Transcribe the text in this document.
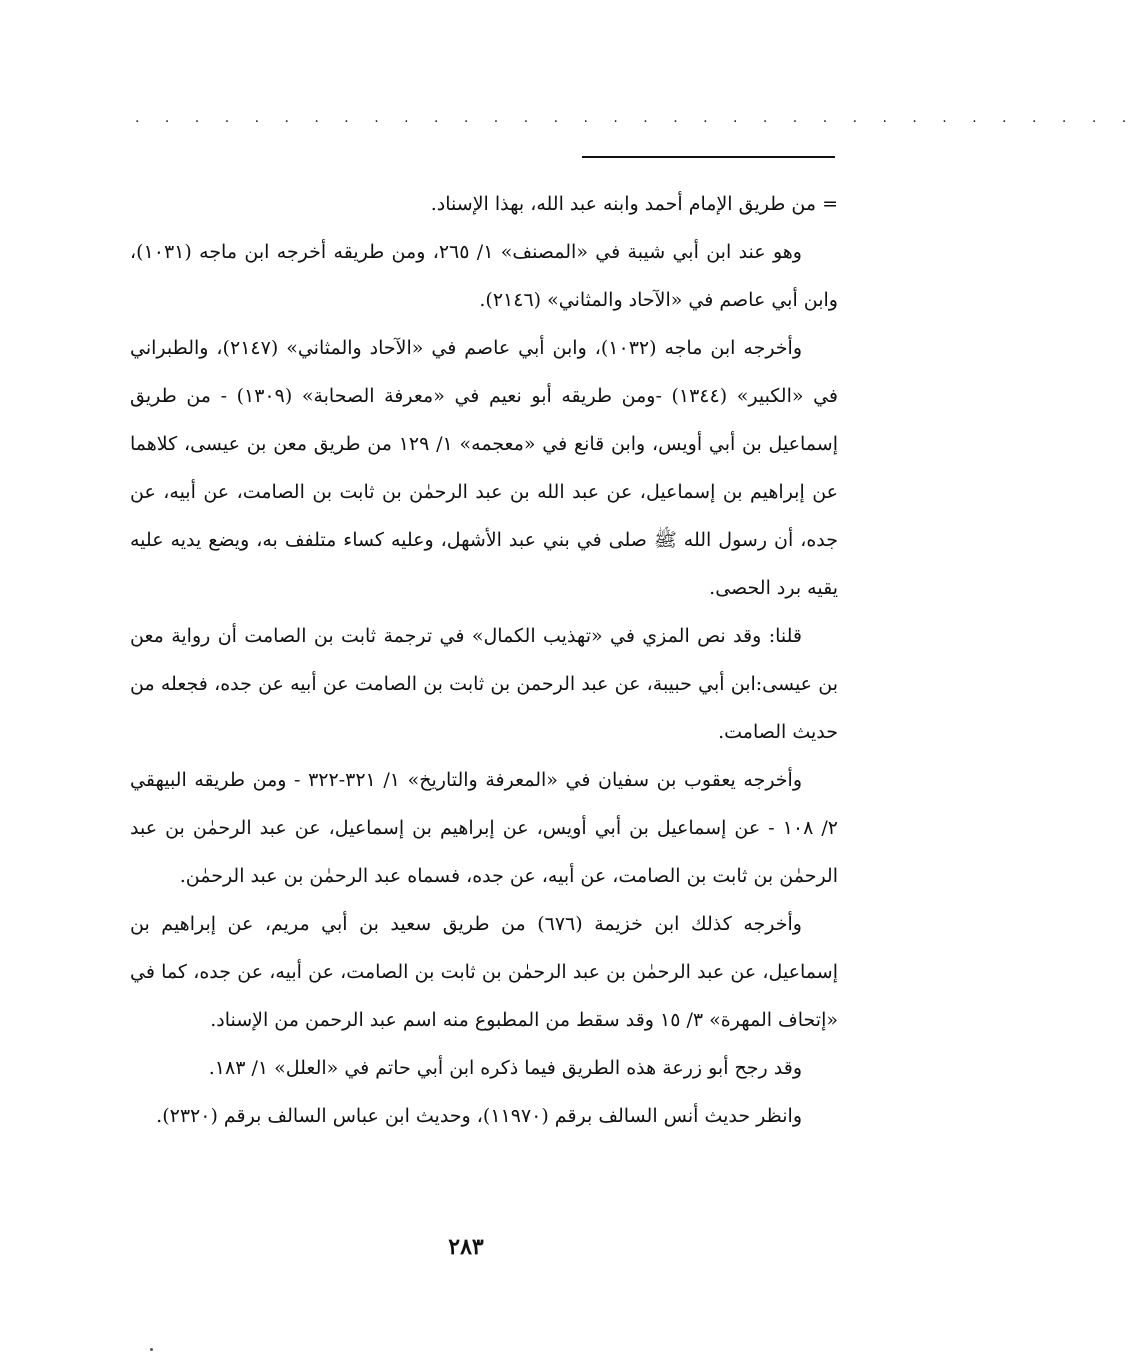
. . . . . . . . . . . . . . . . . . . . . . . . . . . . . . . . . .

= من طريق الإمام أحمد وابنه عبد الله، بهذا الإسناد.

وهو عند ابن أبي شيبة في «المصنف» ١/ ٢٦٥، ومن طريقه أخرجه ابن ماجه (١٠٣١)، وابن أبي عاصم في «الآحاد والمثاني» (٢١٤٦).

وأخرجه ابن ماجه (١٠٣٢)، وابن أبي عاصم في «الآحاد والمثاني» (٢١٤٧)، والطبراني في «الكبير» (١٣٤٤) -ومن طريقه أبو نعيم في «معرفة الصحابة» (١٣٠٩) - من طريق إسماعيل بن أبي أويس، وابن قانع في «معجمه» ١/ ١٢٩ من طريق معن بن عيسى، كلاهما عن إبراهيم بن إسماعيل، عن عبد الله بن عبد الرحمٰن بن ثابت بن الصامت، عن أبيه، عن جده، أن رسول الله ﷺ صلى في بني عبد الأشهل، وعليه كساء متلفف به، ويضع يديه عليه يقيه برد الحصى.

قلنا: وقد نص المزي في «تهذيب الكمال» في ترجمة ثابت بن الصامت أن رواية معن بن عيسى:ابن أبي حبيبة، عن عبد الرحمن بن ثابت بن الصامت عن أبيه عن جده، فجعله من حديث الصامت.

وأخرجه يعقوب بن سفيان في «المعرفة والتاريخ» ١/ ٣٢١-٣٢٢ - ومن طريقه البيهقي ٢/ ١٠٨ - عن إسماعيل بن أبي أويس، عن إبراهيم بن إسماعيل، عن عبد الرحمٰن بن عبد الرحمٰن بن ثابت بن الصامت، عن أبيه، عن جده، فسماه عبد الرحمٰن بن عبد الرحمٰن.

وأخرجه كذلك ابن خزيمة (٦٧٦) من طريق سعيد بن أبي مريم، عن إبراهيم بن إسماعيل، عن عبد الرحمٰن بن عبد الرحمٰن بن ثابت بن الصامت، عن أبيه، عن جده، كما في «إتحاف المهرة» ٣/ ١٥ وقد سقط من المطبوع منه اسم عبد الرحمن من الإسناد.

وقد رجح أبو زرعة هذه الطريق فيما ذكره ابن أبي حاتم في «العلل» ١/ ١٨٣.

وانظر حديث أنس السالف برقم (١١٩٧٠)، وحديث ابن عباس السالف برقم (٢٣٢٠).

٢٨٣
